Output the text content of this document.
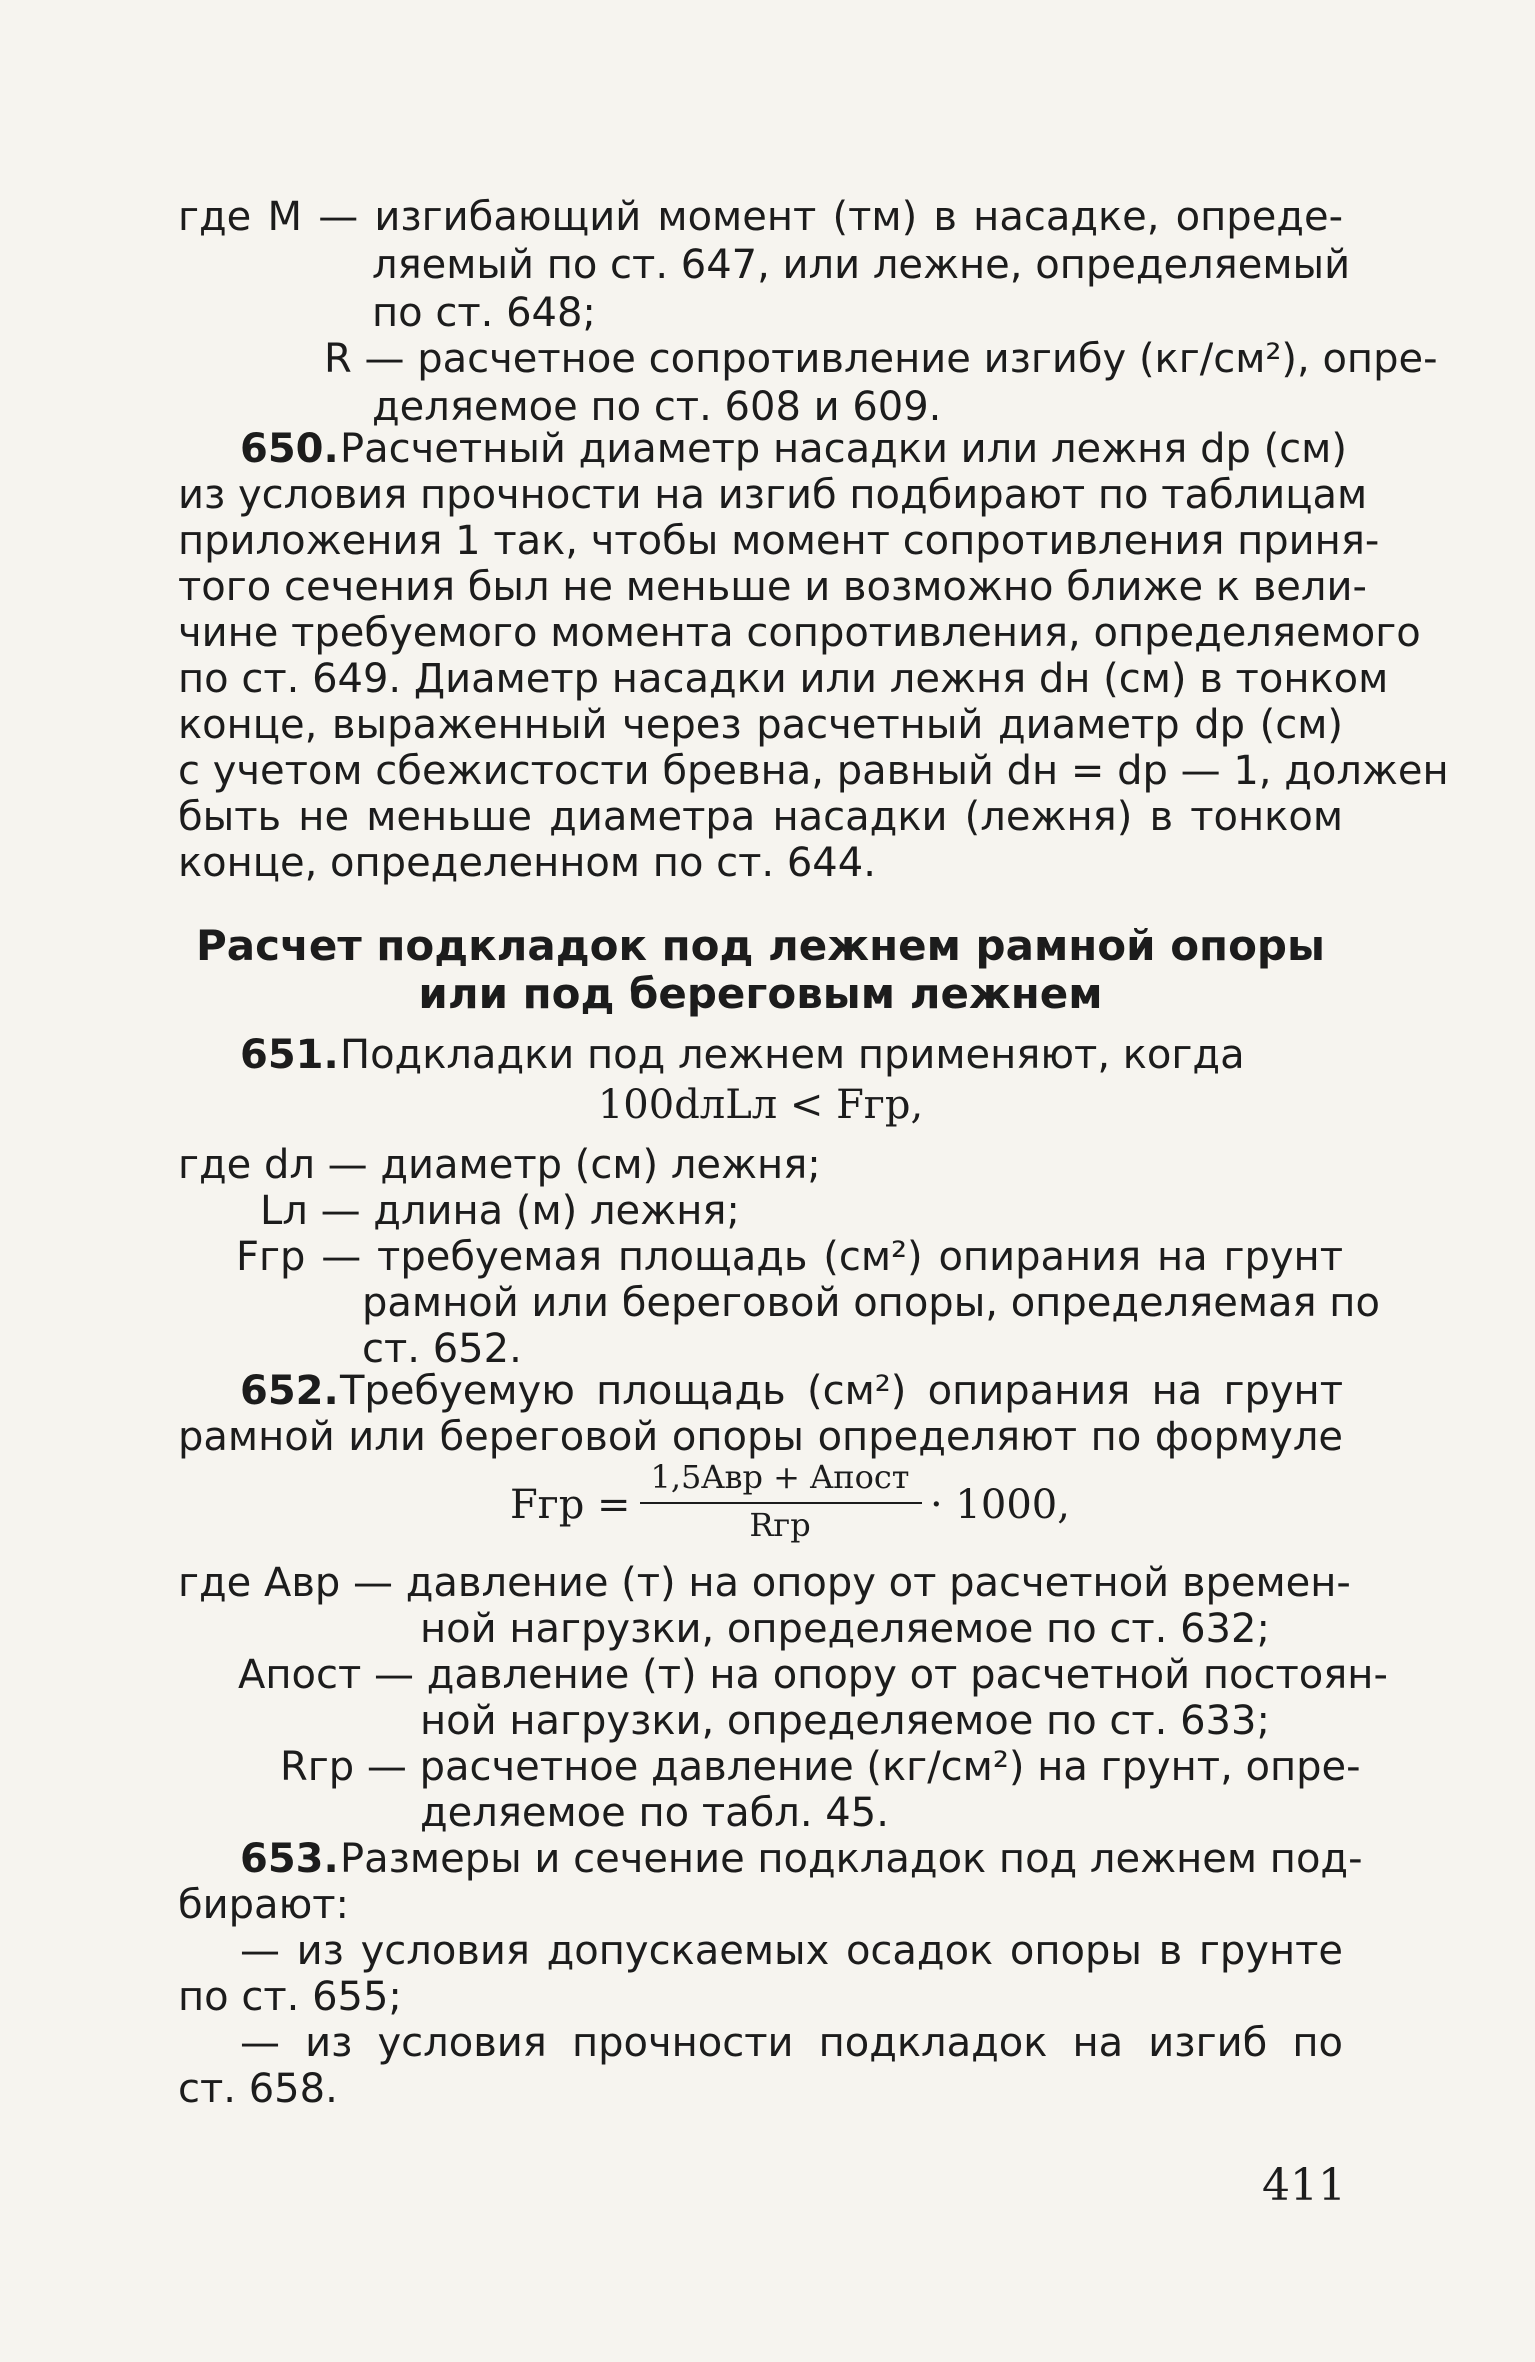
где М — изгибающий момент (тм) в насадке, опреде-
ляемый по ст. 647, или лежне, определяемый
по ст. 648;
R — расчетное сопротивление изгибу (кг/см²), опре-
деляемое по ст. 608 и 609.
650. Расчетный диаметр насадки или лежня dр (см)
из условия прочности на изгиб подбирают по таблицам
приложения 1 так, чтобы момент сопротивления приня-
того сечения был не меньше и возможно ближе к вели-
чине требуемого момента сопротивления, определяемого
по ст. 649. Диаметр насадки или лежня dн (см) в тонком
конце, выраженный через расчетный диаметр dр (см)
с учетом сбежистости бревна, равный dн = dр — 1, должен
быть не меньше диаметра насадки (лежня) в тонком
конце, определенном по ст. 644.
Расчет подкладок под лежнем рамной опоры
или под береговым лежнем
651. Подкладки под лежнем применяют, когда
100dлLл < Fгр,
где dл — диаметр (см) лежня;
Lл — длина (м) лежня;
Fгр — требуемая площадь (см²) опирания на грунт
рамной или береговой опоры, определяемая по
ст. 652.
652. Требуемую площадь (см²) опирания на грунт
рамной или береговой опоры определяют по формуле
Fгр =
1,5Aвр + Aпост
Rгр	· 1000,
где Aвр — давление (т) на опору от расчетной времен-
ной нагрузки, определяемое по ст. 632;
Aпост — давление (т) на опору от расчетной постоян-
ной нагрузки, определяемое по ст. 633;
Rгр — расчетное давление (кг/см²) на грунт, опре-
деляемое по табл. 45.
653. Размеры и сечение подкладок под лежнем под-
бирают:
— из условия допускаемых осадок опоры в грунте
по ст. 655;
— из условия прочности подкладок на изгиб по
ст. 658.
411
